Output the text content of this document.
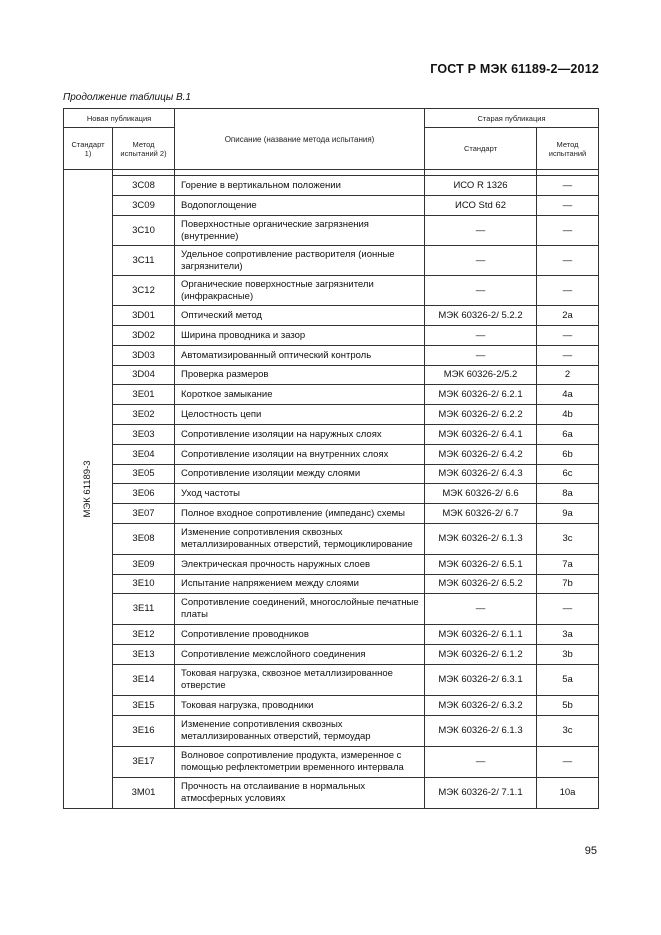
ГОСТ Р МЭК 61189-2—2012
Продолжение таблицы В.1
Новая публикация		Описание (название метода испытания)	Старая публикация	
Стандарт 1)	Метод испытаний 2)		Стандарт	Метод испытаний

МЭК 61189-3				

	3С08	Горение в вертикальном положении	ИСО R 1326	—
	3С09	Водопоглощение	ИСО Std 62	—
	3С10	Поверхностные органические загрязнения (внутренние)	—	—
	3С11	Удельное сопротивление растворителя (ионные загрязнители)	—	—
	3С12	Органические поверхностные загрязнители (инфракрасные)	—	—
	3D01	Оптический метод	МЭК 60326-2/ 5.2.2	2а
	3D02	Ширина проводника и зазор	—	—
	3D03	Автоматизированный оптический контроль	—	—
	3D04	Проверка размеров	МЭК 60326-2/5.2	2
	3Е01	Короткое замыкание	МЭК 60326-2/ 6.2.1	4а
	3Е02	Целостность цепи	МЭК 60326-2/ 6.2.2	4b
	3Е03	Сопротивление изоляции на наружных слоях	МЭК 60326-2/ 6.4.1	6а
	3Е04	Сопротивление изоляции на внутренних слоях	МЭК 60326-2/ 6.4.2	6b
	3Е05	Сопротивление изоляции между слоями	МЭК 60326-2/ 6.4.3	6с
	3Е06	Уход частоты	МЭК 60326-2/ 6.6	8а
	3Е07	Полное входное сопротивление (импеданс) схемы	МЭК 60326-2/ 6.7	9а
	3Е08	Изменение сопротивления сквозных металлизированных отверстий, термоциклирование	МЭК 60326-2/ 6.1.3	3с
	3Е09	Электрическая прочность наружных слоев	МЭК 60326-2/ 6.5.1	7а
	3Е10	Испытание напряжением между слоями	МЭК 60326-2/ 6.5.2	7b
	3Е11	Сопротивление соединений, многослойные печатные платы	—	—
	3Е12	Сопротивление проводников	МЭК 60326-2/ 6.1.1	3а
	3Е13	Сопротивление межслойного соединения	МЭК 60326-2/ 6.1.2	3b
	3Е14	Токовая нагрузка, сквозное металлизированное отверстие	МЭК 60326-2/ 6.3.1	5а
	3Е15	Токовая нагрузка, проводники	МЭК 60326-2/ 6.3.2	5b
	3Е16	Изменение сопротивления сквозных металлизированных отверстий, термоудар	МЭК 60326-2/ 6.1.3	3с
	3Е17	Волновое сопротивление продукта, измеренное с помощью рефлектометрии временного интервала	—	—
	3М01	Прочность на отслаивание в нормальных атмосферных условиях	МЭК 60326-2/ 7.1.1	10а
95
